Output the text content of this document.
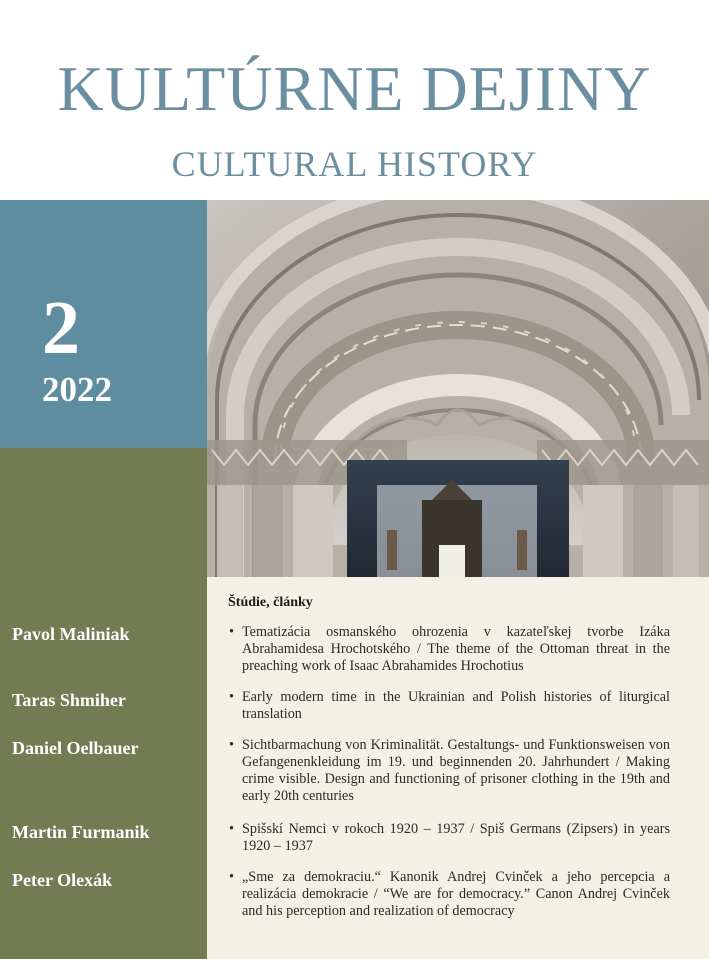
KULTÚRNE DEJINY
CULTURAL HISTORY
2
2022
Pavol Maliniak
Taras Shmiher
Daniel Oelbauer
Martin Furmanik
Peter Olexák
Štúdie, články
• Tematizácia osmanského ohrozenia v kazateľskej tvorbe Izáka Abrahamidesa Hrochotského / The theme of the Ottoman threat in the preaching work of Isaac Abrahamides Hrochotius
• Early modern time in the Ukrainian and Polish histories of liturgical translation
• Sichtbarmachung von Kriminalität. Gestaltungs- und Funktionsweisen von Gefangenenkleidung im 19. und beginnenden 20. Jahrhundert / Making crime visible. Design and functioning of prisoner clothing in the 19th and early 20th centuries
• Spišskí Nemci v rokoch 1920 – 1937 / Spiš Germans (Zipsers) in years 1920 – 1937
• „Sme za demokraciu.“ Kanonik Andrej Cvinček a jeho percepcia a realizácia demokracie / “We are for democracy.” Canon Andrej Cvinček and his perception and realization of democracy
